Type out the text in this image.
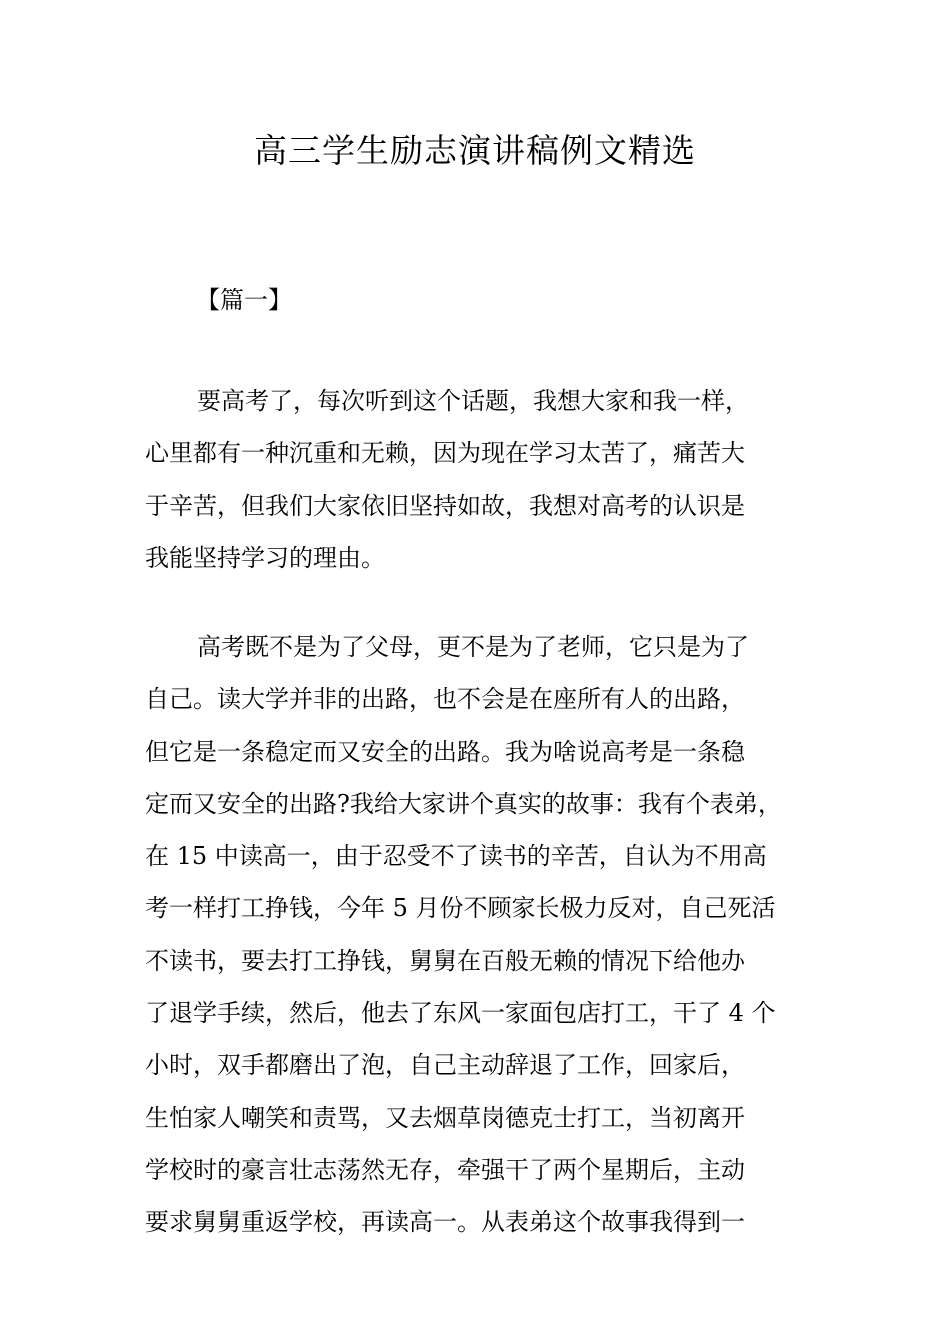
高三学生励志演讲稿例文精选
【篇一】
要高考了，每次听到这个话题，我想大家和我一样，
心里都有一种沉重和无赖，因为现在学习太苦了，痛苦大
于辛苦，但我们大家依旧坚持如故，我想对高考的认识是
我能坚持学习的理由。
高考既不是为了父母，更不是为了老师，它只是为了
自己。读大学并非的出路，也不会是在座所有人的出路，
但它是一条稳定而又安全的出路。我为啥说高考是一条稳
定而又安全的出路?我给大家讲个真实的故事：我有个表弟，
在 15 中读高一，由于忍受不了读书的辛苦，自认为不用高
考一样打工挣钱，今年 5 月份不顾家长极力反对，自己死活
不读书，要去打工挣钱，舅舅在百般无赖的情况下给他办
了退学手续，然后，他去了东风一家面包店打工，干了 4 个
小时，双手都磨出了泡，自己主动辞退了工作，回家后，
生怕家人嘲笑和责骂，又去烟草岗德克士打工，当初离开
学校时的豪言壮志荡然无存，牵强干了两个星期后，主动
要求舅舅重返学校，再读高一。从表弟这个故事我得到一
